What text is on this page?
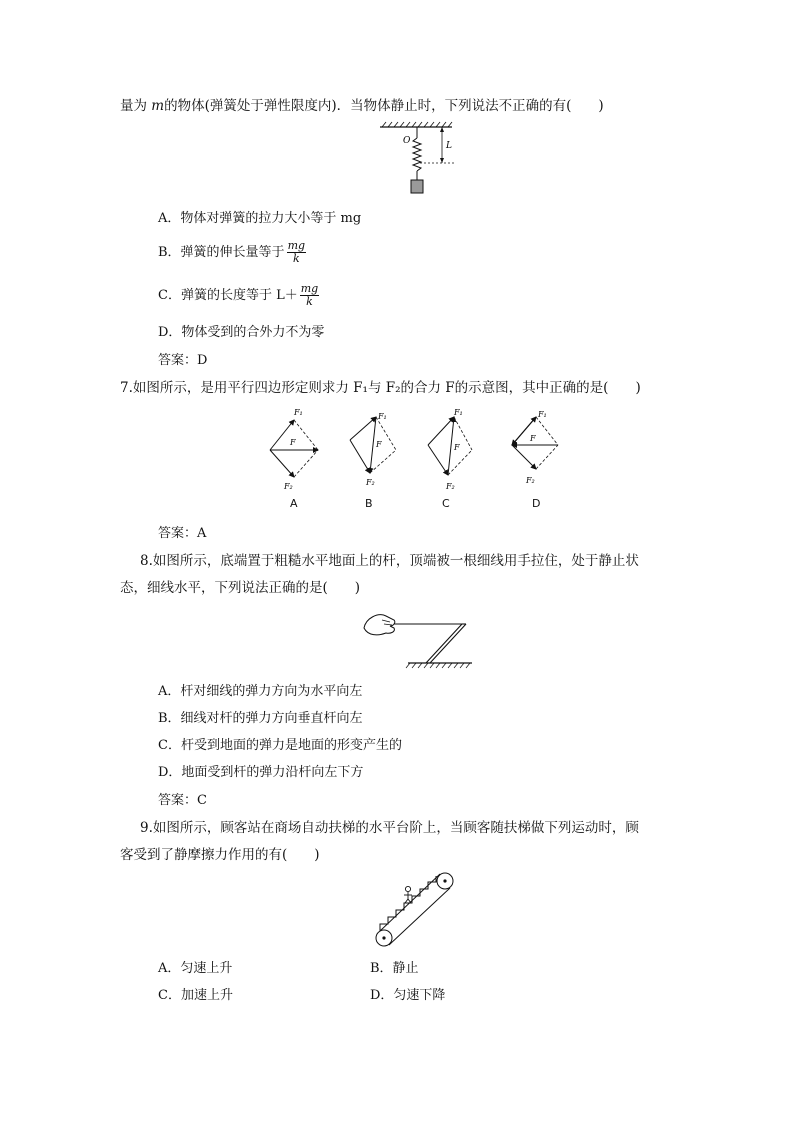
量为 m的物体(弹簧处于弹性限度内)．当物体静止时，下列说法不正确的有(　　)
O	L
A．物体对弹簧的拉力大小等于 mg
B．弹簧的伸长量等于 $\frac{mg}{k}$
C．弹簧的长度等于 $L+ \frac{mg}{k}$
D．物体受到的合外力不为零
答案：D
7.如图所示，是用平行四边形定则求力 F₁与 F₂的合力 F的示意图，其中正确的是(　　)
F₁
F
F₂
F₁
F
F₂
F₁
F
F₂
F₁
F
F₂
A	B	C	D
答案：A
8.如图所示，底端置于粗糙水平地面上的杆，顶端被一根细线用手拉住，处于静止状
态，细线水平，下列说法正确的是(　　)
A．杆对细线的弹力方向为水平向左
B．细线对杆的弹力方向垂直杆向左
C．杆受到地面的弹力是地面的形变产生的
D．地面受到杆的弹力沿杆向左下方
答案：C
9.如图所示，顾客站在商场自动扶梯的水平台阶上，当顾客随扶梯做下列运动时，顾
客受到了静摩擦力作用的有(　　)
A．匀速上升	B．静止
C．加速上升	D．匀速下降
